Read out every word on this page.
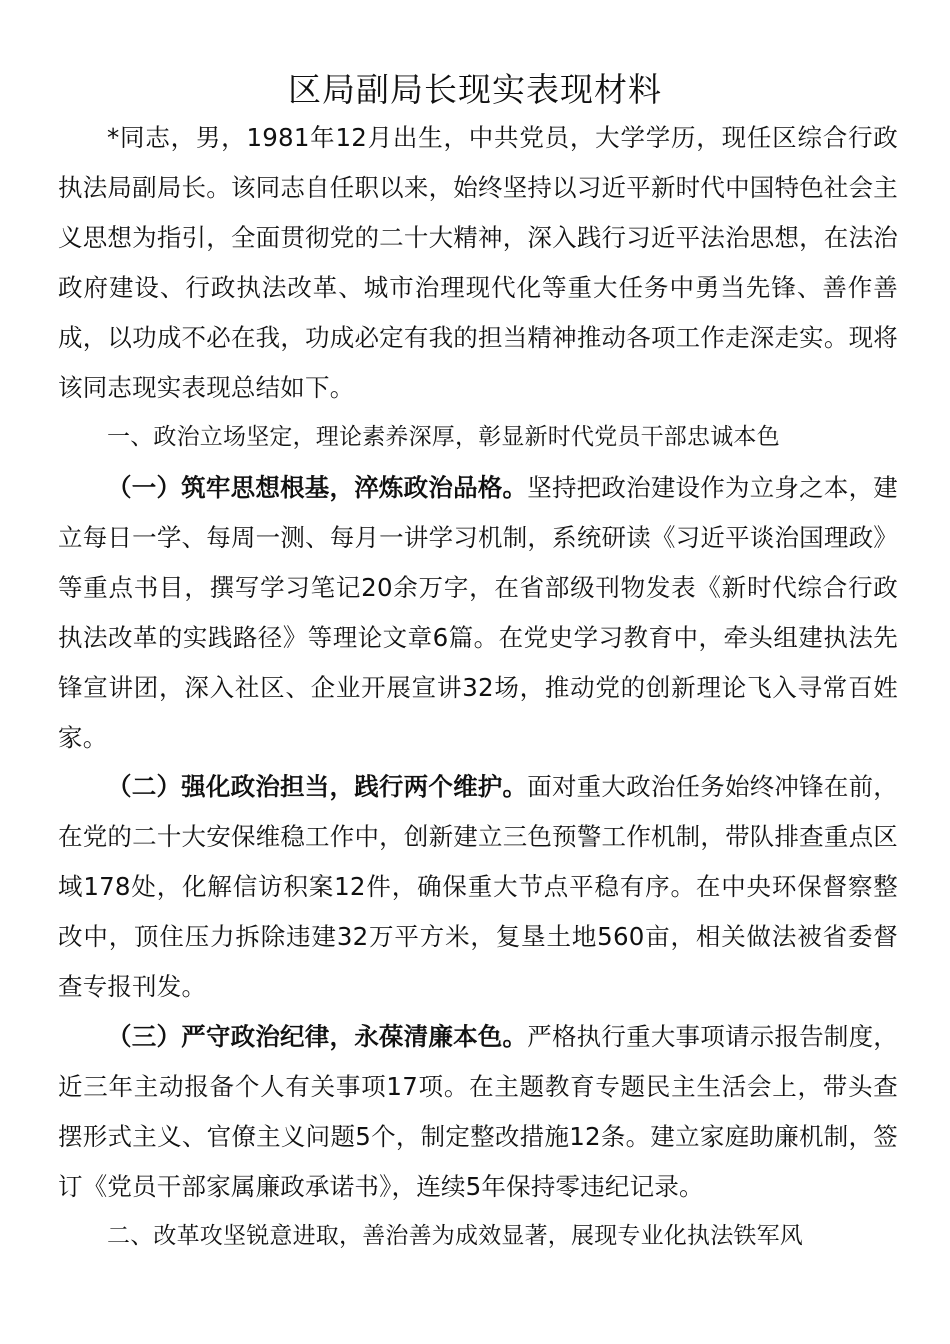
区局副局长现实表现材料

*同志，男，1981年12月出生，中共党员，大学学历，现任区综合行政执法局副局长。该同志自任职以来，始终坚持以习近平新时代中国特色社会主义思想为指引，全面贯彻党的二十大精神，深入践行习近平法治思想，在法治政府建设、行政执法改革、城市治理现代化等重大任务中勇当先锋、善作善成，以功成不必在我，功成必定有我的担当精神推动各项工作走深走实。现将该同志现实表现总结如下。

一、政治立场坚定，理论素养深厚，彰显新时代党员干部忠诚本色

（一）筑牢思想根基，淬炼政治品格。坚持把政治建设作为立身之本，建立每日一学、每周一测、每月一讲学习机制，系统研读《习近平谈治国理政》等重点书目，撰写学习笔记20余万字，在省部级刊物发表《新时代综合行政执法改革的实践路径》等理论文章6篇。在党史学习教育中，牵头组建执法先锋宣讲团，深入社区、企业开展宣讲32场，推动党的创新理论飞入寻常百姓家。

（二）强化政治担当，践行两个维护。面对重大政治任务始终冲锋在前，在党的二十大安保维稳工作中，创新建立三色预警工作机制，带队排查重点区域178处，化解信访积案12件，确保重大节点平稳有序。在中央环保督察整改中，顶住压力拆除违建32万平方米，复垦土地560亩，相关做法被省委督查专报刊发。

（三）严守政治纪律，永葆清廉本色。严格执行重大事项请示报告制度，近三年主动报备个人有关事项17项。在主题教育专题民主生活会上，带头查摆形式主义、官僚主义问题5个，制定整改措施12条。建立家庭助廉机制，签订《党员干部家属廉政承诺书》，连续5年保持零违纪记录。

二、改革攻坚锐意进取，善治善为成效显著，展现专业化执法铁军风
